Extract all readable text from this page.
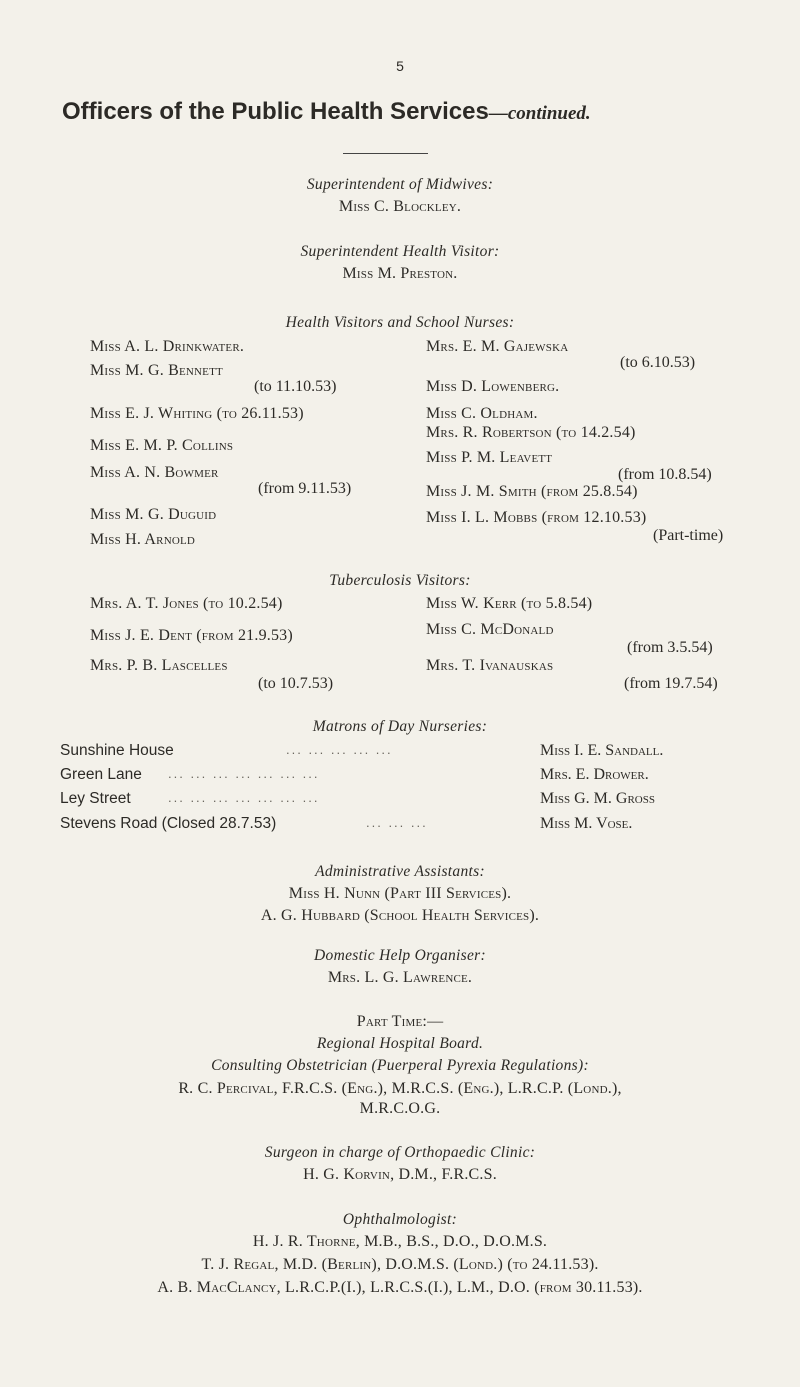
5
Officers of the Public Health Services—continued.
Superintendent of Midwives:
Miss C. Blockley.
Superintendent Health Visitor:
Miss M. Preston.
Health Visitors and School Nurses:
Miss A. L. Drinkwater.
Miss M. G. Bennett
(to 11.10.53)
Miss E. J. Whiting (to 26.11.53)
Miss E. M. P. Collins
Miss A. N. Bowmer
(from 9.11.53)
Miss M. G. Duguid
Miss H. Arnold
Mrs. E. M. Gajewska
(to 6.10.53)
Miss D. Lowenberg.
Miss C. Oldham.
Mrs. R. Robertson (to 14.2.54)
Miss P. M. Leavett
(from 10.8.54)
Miss J. M. Smith (from 25.8.54)
Miss I. L. Mobbs (from 12.10.53)
(Part-time)
Tuberculosis Visitors:
Mrs. A. T. Jones (to 10.2.54)
Miss J. E. Dent (from 21.9.53)
Mrs. P. B. Lascelles
(to 10.7.53)
Miss W. Kerr (to 5.8.54)
Miss C. McDonald
(from 3.5.54)
Mrs. T. Ivanauskas
(from 19.7.54)
Matrons of Day Nurseries:
Sunshine House	... ... ... ... ...	Miss I. E. Sandall.
Green Lane ... ... ... ... ... ... ...	Mrs. E. Drower.
Ley Street	... ... ... ... ... ... ...	Miss G. M. Gross
Stevens Road (Closed 28.7.53)	... ... ...	Miss M. Vose.
Administrative Assistants:
Miss H. Nunn (Part III Services).
A. G. Hubbard (School Health Services).
Domestic Help Organiser:
Mrs. L. G. Lawrence.
Part Time:—
Regional Hospital Board.
Consulting Obstetrician (Puerperal Pyrexia Regulations):
R. C. Percival, F.R.C.S. (Eng.), M.R.C.S. (Eng.), L.R.C.P. (Lond.),
M.R.C.O.G.
Surgeon in charge of Orthopaedic Clinic:
H. G. Korvin, D.M., F.R.C.S.
Ophthalmologist:
H. J. R. Thorne, M.B., B.S., D.O., D.O.M.S.
T. J. Regal, M.D. (Berlin), D.O.M.S. (Lond.) (to 24.11.53).
A. B. MacClancy, L.R.C.P.(I.), L.R.C.S.(I.), L.M., D.O. (from 30.11.53).
